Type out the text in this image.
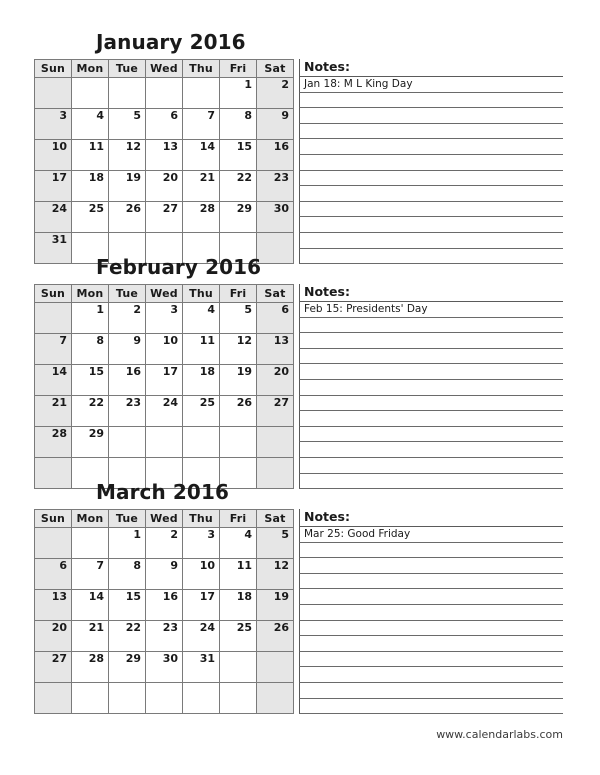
January 2016
Sun	Mon	Tue	Wed	Thu	Fri	Sat

					1	2

3	4	5	6	7	8	9

10	11	12	13	14	15	16

17	18	19	20	21	22	23

24	25	26	27	28	29	30

31						

Notes:
Jan 18: M L King Day
February 2016
Sun	Mon	Tue	Wed	Thu	Fri	Sat

	1	2	3	4	5	6

7	8	9	10	11	12	13

14	15	16	17	18	19	20

21	22	23	24	25	26	27

28	29					

Notes:
Feb 15: Presidents' Day
March 2016
Sun	Mon	Tue	Wed	Thu	Fri	Sat

		1	2	3	4	5

6	7	8	9	10	11	12

13	14	15	16	17	18	19

20	21	22	23	24	25	26

27	28	29	30	31		

Notes:
Mar 25: Good Friday
www.calendarlabs.com
